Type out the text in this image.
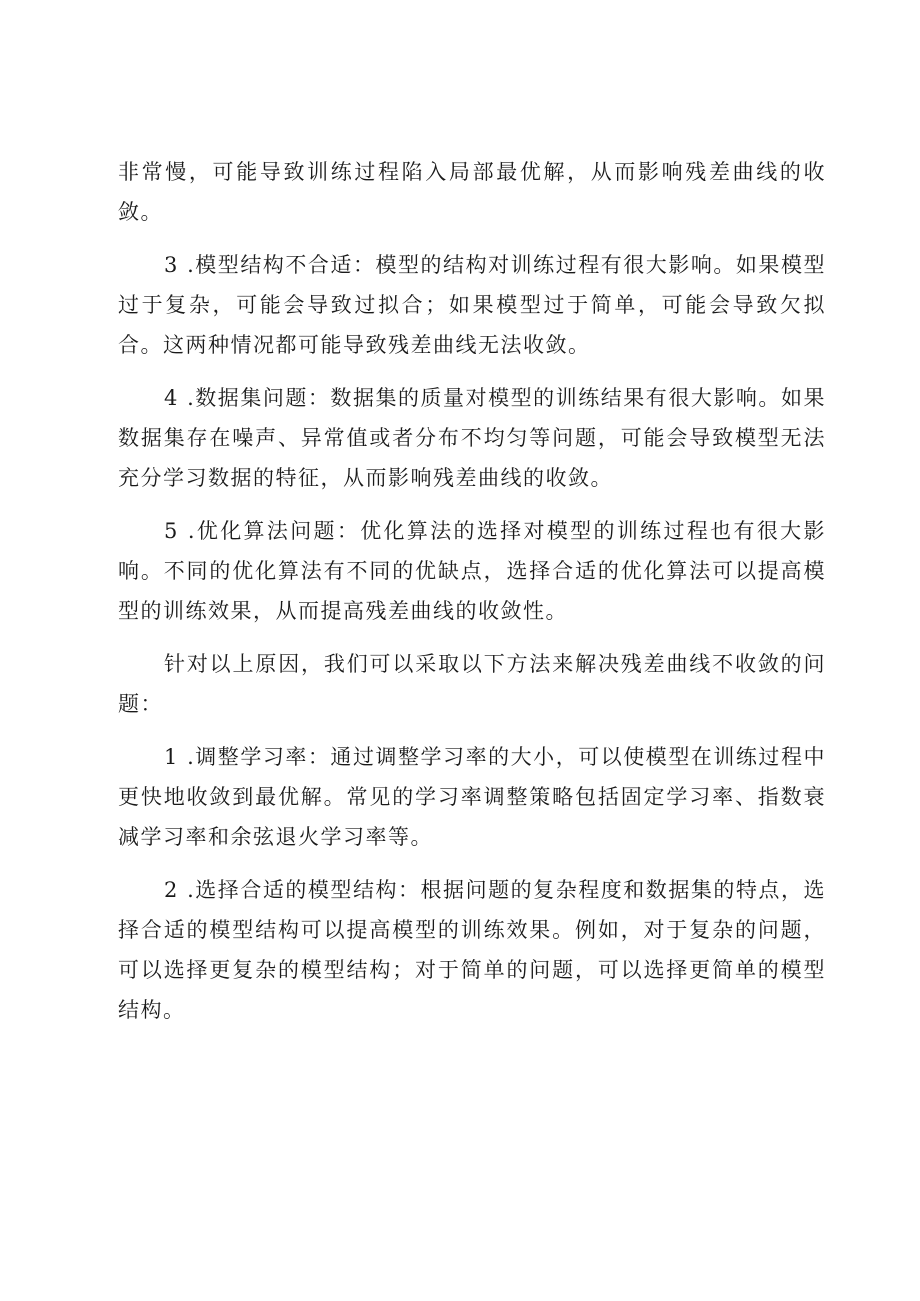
非常慢，可能导致训练过程陷入局部最优解，从而影响残差曲线的收敛。

3 .模型结构不合适：模型的结构对训练过程有很大影响。如果模型过于复杂，可能会导致过拟合；如果模型过于简单，可能会导致欠拟合。这两种情况都可能导致残差曲线无法收敛。

4 .数据集问题：数据集的质量对模型的训练结果有很大影响。如果数据集存在噪声、异常值或者分布不均匀等问题，可能会导致模型无法充分学习数据的特征，从而影响残差曲线的收敛。

5 .优化算法问题：优化算法的选择对模型的训练过程也有很大影响。不同的优化算法有不同的优缺点，选择合适的优化算法可以提高模型的训练效果，从而提高残差曲线的收敛性。

针对以上原因，我们可以采取以下方法来解决残差曲线不收敛的问题：

1 .调整学习率：通过调整学习率的大小，可以使模型在训练过程中更快地收敛到最优解。常见的学习率调整策略包括固定学习率、指数衰减学习率和余弦退火学习率等。

2 .选择合适的模型结构：根据问题的复杂程度和数据集的特点，选择合适的模型结构可以提高模型的训练效果。例如，对于复杂的问题，可以选择更复杂的模型结构；对于简单的问题，可以选择更简单的模型结构。
